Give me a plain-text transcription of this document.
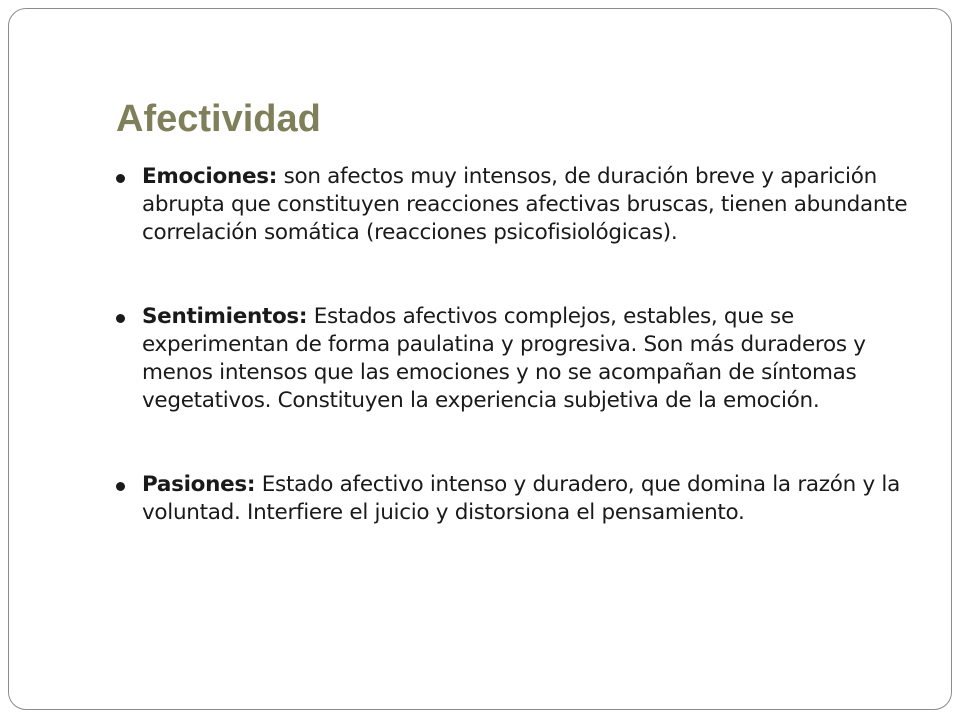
Afectividad
Emociones: son afectos muy intensos, de duración breve y aparición abrupta que constituyen reacciones afectivas bruscas, tienen abundante correlación somática (reacciones psicofisiológicas).
Sentimientos: Estados afectivos complejos, estables, que se experimentan de forma paulatina y progresiva. Son más duraderos y menos intensos que las emociones y no se acompañan de síntomas vegetativos. Constituyen la experiencia subjetiva de la emoción.
Pasiones: Estado afectivo intenso y duradero, que domina la razón y la voluntad. Interfiere el juicio y distorsiona el pensamiento.
